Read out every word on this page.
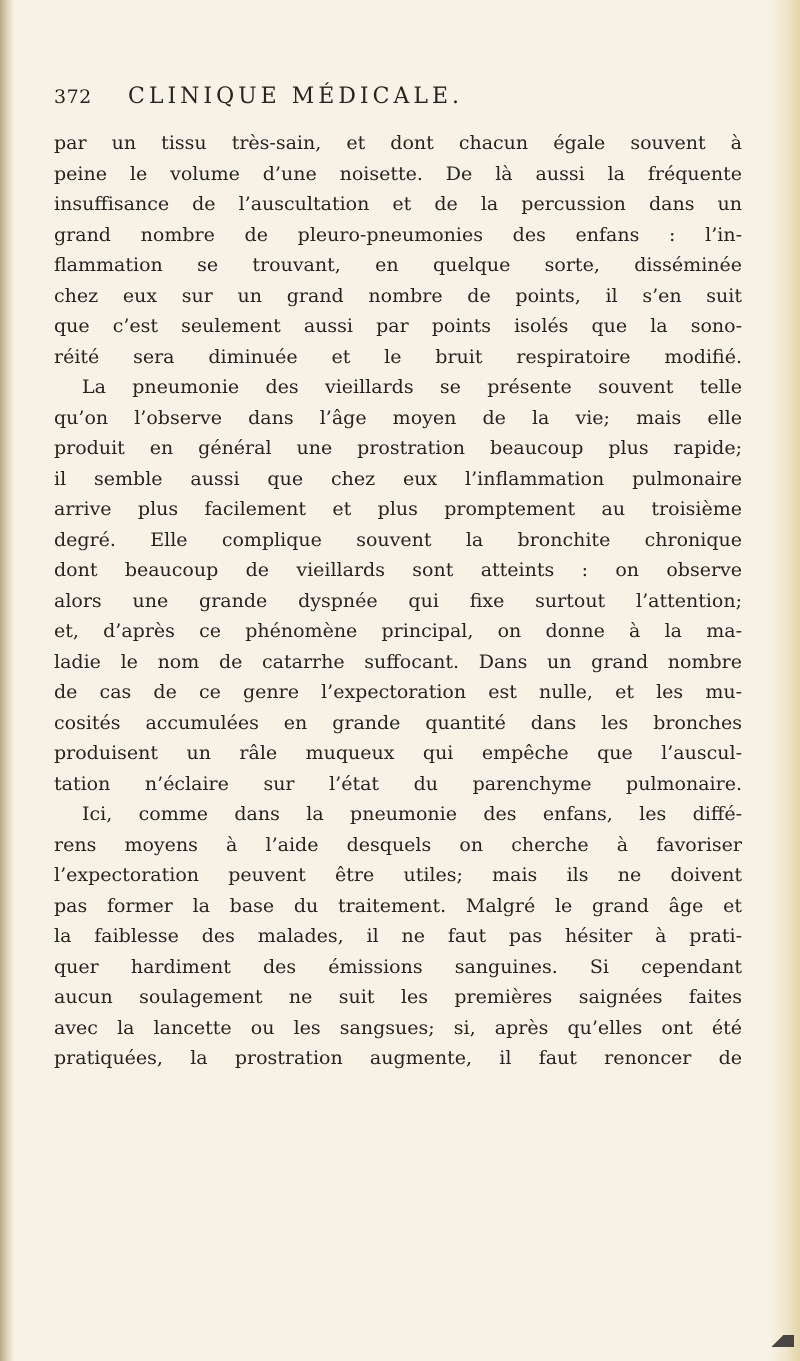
372 CLINIQUE MÉDICALE.
par un tissu très-sain, et dont chacun égale souvent à
peine le volume d’une noisette. De là aussi la fréquente
insuffisance de l’auscultation et de la percussion dans un
grand nombre de pleuro-pneumonies des enfans : l’in-
flammation se trouvant, en quelque sorte, disséminée
chez eux sur un grand nombre de points, il s’en suit
que c’est seulement aussi par points isolés que la sono-
réité sera diminuée et le bruit respiratoire modifié.
La pneumonie des vieillards se présente souvent telle
qu’on l’observe dans l’âge moyen de la vie; mais elle
produit en général une prostration beaucoup plus rapide;
il semble aussi que chez eux l’inflammation pulmonaire
arrive plus facilement et plus promptement au troisième
degré. Elle complique souvent la bronchite chronique
dont beaucoup de vieillards sont atteints : on observe
alors une grande dyspnée qui fixe surtout l’attention;
et, d’après ce phénomène principal, on donne à la ma-
ladie le nom de catarrhe suffocant. Dans un grand nombre
de cas de ce genre l’expectoration est nulle, et les mu-
cosités accumulées en grande quantité dans les bronches
produisent un râle muqueux qui empêche que l’auscul-
tation n’éclaire sur l’état du parenchyme pulmonaire.
Ici, comme dans la pneumonie des enfans, les diffé-
rens moyens à l’aide desquels on cherche à favoriser
l’expectoration peuvent être utiles; mais ils ne doivent
pas former la base du traitement. Malgré le grand âge et
la faiblesse des malades, il ne faut pas hésiter à prati-
quer hardiment des émissions sanguines. Si cependant
aucun soulagement ne suit les premières saignées faites
avec la lancette ou les sangsues; si, après qu’elles ont été
pratiquées, la prostration augmente, il faut renoncer de
